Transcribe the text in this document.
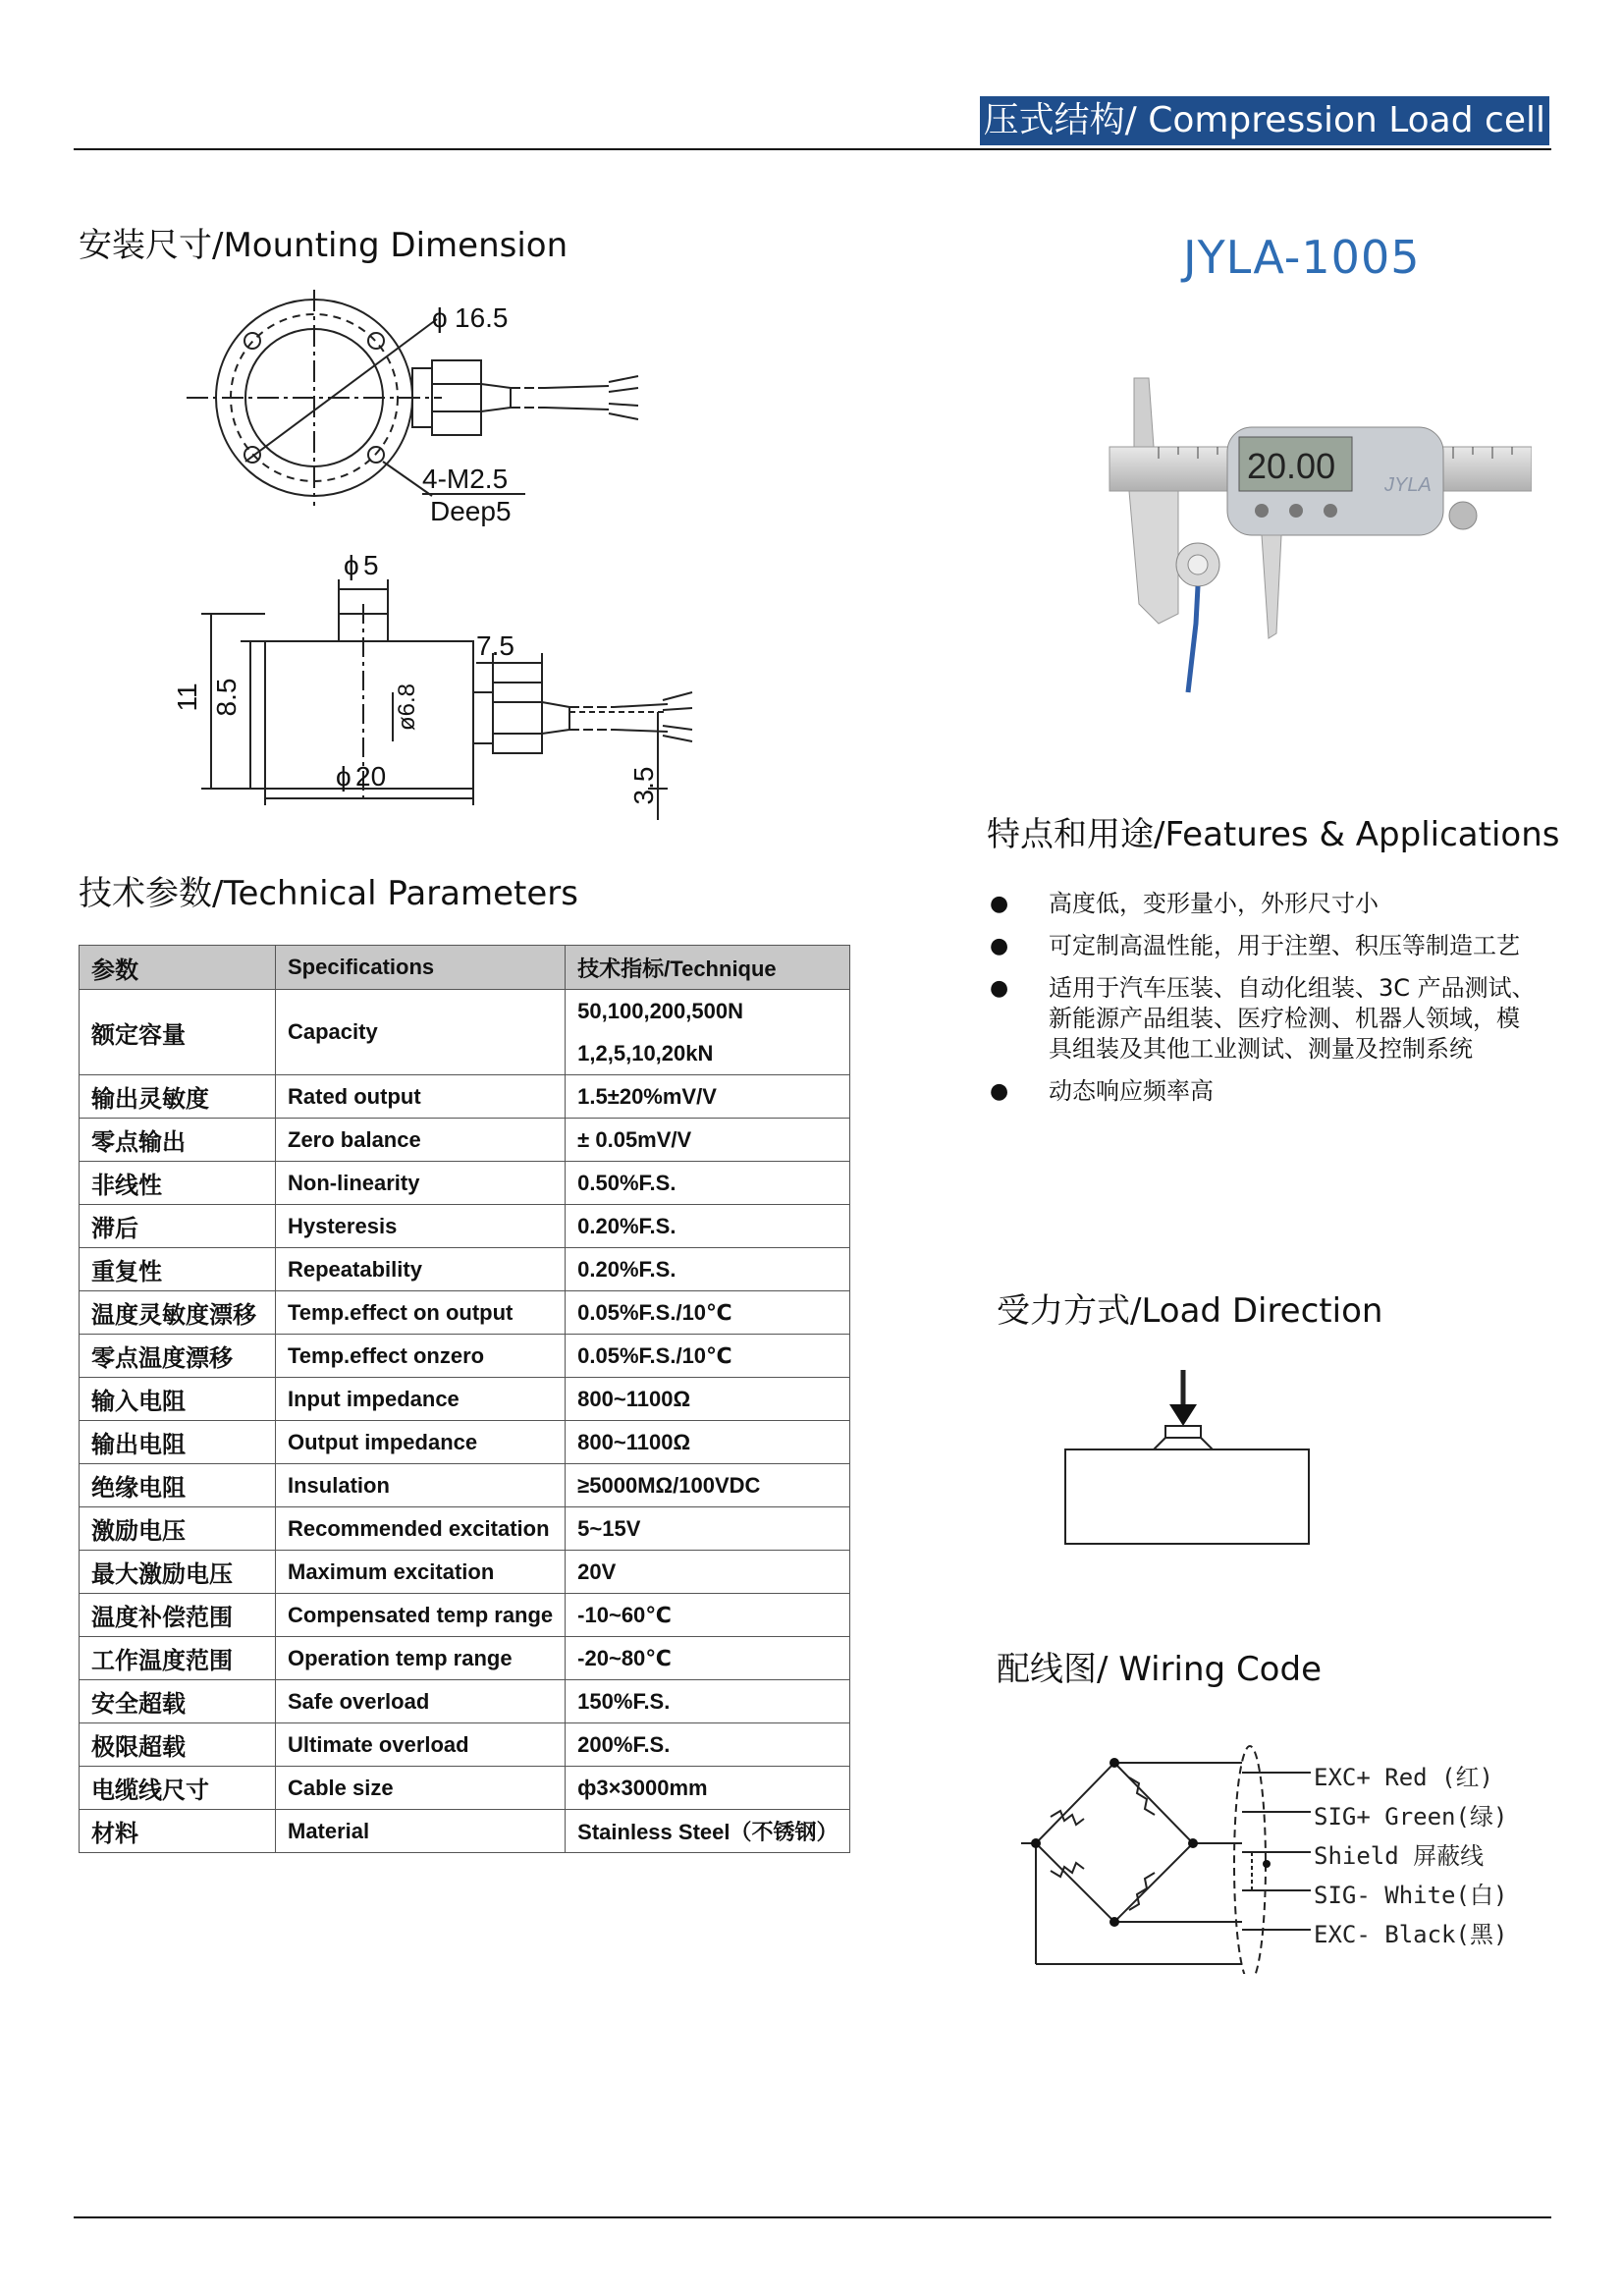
压式结构/ Compression Load cell
安装尺寸/Mounting Dimension	JYLA-1005
技术参数/Technical Parameters
特点和用途/Features & Applications
受力方式/Load Direction
配线图/ Wiring Code
ϕ 16.5
4-M2.5
Deep5
ϕ 5
7.5
ϕ 20
11 8.5	ø6.8
3.5
20.00 JYLA
参数	Specifications	技术指标/Technique
额定容量	Capacity	50,100,200,500N
1,2,5,10,20kN

输出灵敏度	Rated output	1.5±20%mV/V
零点输出	Zero balance	± 0.05mV/V
非线性	Non-linearity	0.50%F.S.
滞后	Hysteresis	0.20%F.S.
重复性	Repeatability	0.20%F.S.
温度灵敏度漂移	Temp.effect on output	0.05%F.S./10℃
零点温度漂移	Temp.effect onzero	0.05%F.S./10℃
输入电阻	Input impedance	800~1100Ω
输出电阻	Output impedance	800~1100Ω
绝缘电阻	Insulation	≥5000MΩ/100VDC
激励电压	Recommended excitation	5~15V
最大激励电压	Maximum excitation	20V
温度补偿范围	Compensated temp range	-10~60℃
工作温度范围	Operation temp range	-20~80℃
安全超载	Safe overload	150%F.S.
极限超载	Ultimate overload	200%F.S.
电缆线尺寸	Cable size	ф3×3000mm
材料	Material	Stainless Steel（不锈钢）
● 高度低，变形量小，外形尺寸小
● 可定制高温性能，用于注塑、积压等制造工艺
● 适用于汽车压装、自动化组装、3C 产品测试、新能源产品组装、医疗检测、机器人领域，模具组装及其他工业测试、测量及控制系统
● 动态响应频率高
EXC+ Red (红)
SIG+ Green(绿)
Shield 屏蔽线
SIG- White(白)
EXC- Black(黑)
